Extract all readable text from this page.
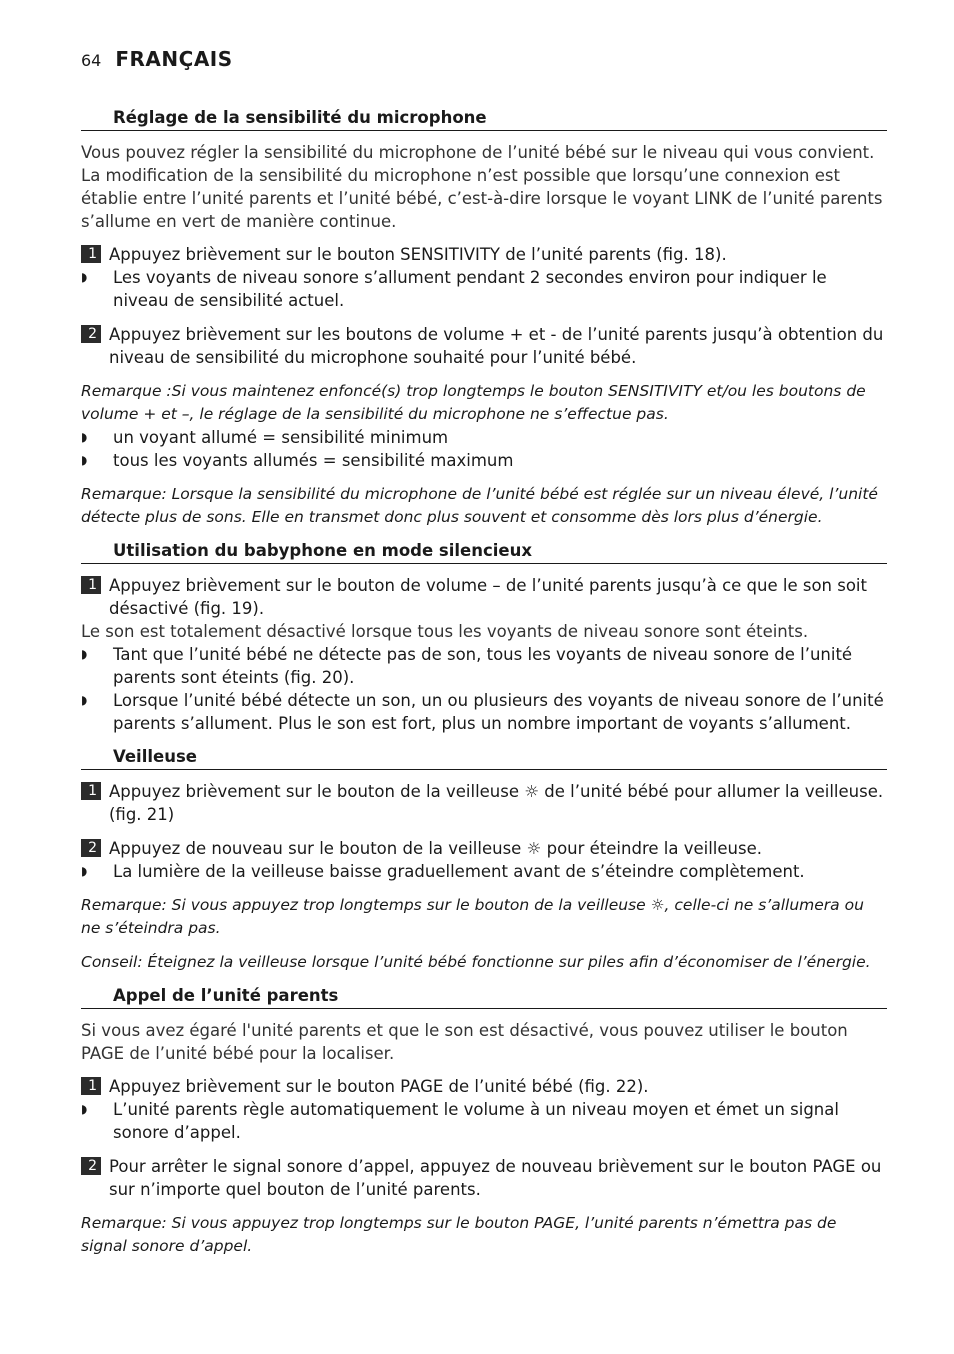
64 FRANÇAIS
Réglage de la sensibilité du microphone

Vous pouvez régler la sensibilité du microphone de l’unité bébé sur le niveau qui vous convient. La modification de la sensibilité du microphone n’est possible que lorsqu’une connexion est établie entre l’unité parents et l’unité bébé, c’est-à-dire lorsque le voyant LINK de l’unité parents s’allume en vert de manière continue.

1 Appuyez brièvement sur le bouton SENSITIVITY de l’unité parents (fig. 18).
◗	Les voyants de niveau sonore s’allument pendant 2 secondes environ pour indiquer le niveau de sensibilité actuel.
2 Appuyez brièvement sur les boutons de volume + et - de l’unité parents jusqu’à obtention du niveau de sensibilité du microphone souhaité pour l’unité bébé.

Remarque :Si vous maintenez enfoncé(s) trop longtemps le bouton SENSITIVITY et/ou les boutons de volume + et –, le réglage de la sensibilité du microphone ne s’effectue pas.

◗	un voyant allumé = sensibilité minimum
◗	tous les voyants allumés = sensibilité maximum

Remarque: Lorsque la sensibilité du microphone de l’unité bébé est réglée sur un niveau élevé, l’unité détecte plus de sons. Elle en transmet donc plus souvent et consomme dès lors plus d’énergie.

Utilisation du babyphone en mode silencieux
1 Appuyez brièvement sur le bouton de volume – de l’unité parents jusqu’à ce que le son soit désactivé (fig. 19).
Le son est totalement désactivé lorsque tous les voyants de niveau sonore sont éteints.
◗	Tant que l’unité bébé ne détecte pas de son, tous les voyants de niveau sonore de l’unité parents sont éteints (fig. 20).
◗	Lorsque l’unité bébé détecte un son, un ou plusieurs des voyants de niveau sonore de l’unité parents s’allument. Plus le son est fort, plus un nombre important de voyants s’allument.
Veilleuse
1 Appuyez brièvement sur le bouton de la veilleuse ☼ de l’unité bébé pour allumer la veilleuse. (fig. 21)
2 Appuyez de nouveau sur le bouton de la veilleuse ☼ pour éteindre la veilleuse.
◗	La lumière de la veilleuse baisse graduellement avant de s’éteindre complètement.

Remarque: Si vous appuyez trop longtemps sur le bouton de la veilleuse ☼, celle-ci ne s’allumera ou ne s’éteindra pas.

Conseil: Éteignez la veilleuse lorsque l’unité bébé fonctionne sur piles afin d’économiser de l’énergie.

Appel de l’unité parents

Si vous avez égaré l'unité parents et que le son est désactivé, vous pouvez utiliser le bouton PAGE de l’unité bébé pour la localiser.

1 Appuyez brièvement sur le bouton PAGE de l’unité bébé (fig. 22).
◗	L’unité parents règle automatiquement le volume à un niveau moyen et émet un signal sonore d’appel.
2 Pour arrêter le signal sonore d’appel, appuyez de nouveau brièvement sur le bouton PAGE ou sur n’importe quel bouton de l’unité parents.

Remarque: Si vous appuyez trop longtemps sur le bouton PAGE, l’unité parents n’émettra pas de signal sonore d’appel.
